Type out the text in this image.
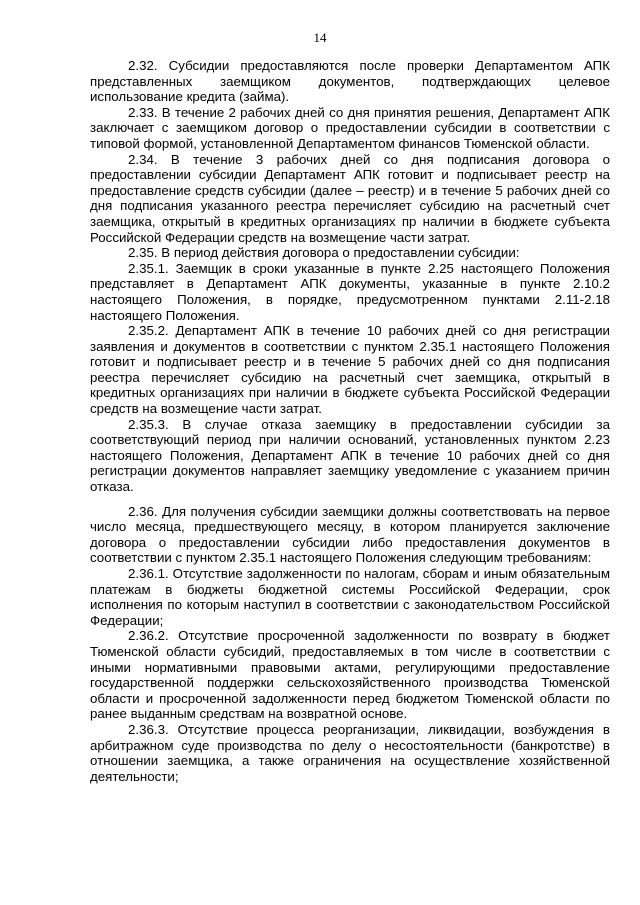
14

2.32. Субсидии предоставляются после проверки Департаментом АПК представленных заемщиком документов, подтверждающих целевое использование кредита (займа).

2.33. В течение 2 рабочих дней со дня принятия решения, Департамент АПК заключает с заемщиком договор о предоставлении субсидии в соответствии с типовой формой, установленной Департаментом финансов Тюменской области.

2.34. В течение 3 рабочих дней со дня подписания договора о предоставлении субсидии Департамент АПК готовит и подписывает реестр на предоставление средств субсидии (далее – реестр) и в течение 5 рабочих дней со дня подписания указанного реестра перечисляет субсидию на расчетный счет заемщика, открытый в кредитных организациях пр наличии в бюджете субъекта Российской Федерации средств на возмещение части затрат.

2.35. В период действия договора о предоставлении субсидии:

2.35.1. Заемщик в сроки указанные в пункте 2.25 настоящего Положения представляет в Департамент АПК документы, указанные в пункте 2.10.2 настоящего Положения, в порядке, предусмотренном пунктами 2.11-2.18 настоящего Положения.

2.35.2. Департамент АПК в течение 10 рабочих дней со дня регистрации заявления и документов в соответствии с пунктом 2.35.1 настоящего Положения готовит и подписывает реестр и в течение 5 рабочих дней со дня подписания реестра перечисляет субсидию на расчетный счет заемщика, открытый в кредитных организациях при наличии в бюджете субъекта Российской Федерации средств на возмещение части затрат.

2.35.3. В случае отказа заемщику в предоставлении субсидии за соответствующий период при наличии оснований, установленных пунктом 2.23 настоящего Положения, Департамент АПК в течение 10 рабочих дней со дня регистрации документов направляет заемщику уведомление с указанием причин отказа.

2.36. Для получения субсидии заемщики должны соответствовать на первое число месяца, предшествующего месяцу, в котором планируется заключение договора о предоставлении субсидии либо предоставления документов в соответствии с пунктом 2.35.1 настоящего Положения следующим требованиям:

2.36.1. Отсутствие задолженности по налогам, сборам и иным обязательным платежам в бюджеты бюджетной системы Российской Федерации, срок исполнения по которым наступил в соответствии с законодательством Российской Федерации;

2.36.2. Отсутствие просроченной задолженности по возврату в бюджет Тюменской области субсидий, предоставляемых в том числе в соответствии с иными нормативными правовыми актами, регулирующими предоставление государственной поддержки сельскохозяйственного производства Тюменской области и просроченной задолженности перед бюджетом Тюменской области по ранее выданным средствам на возвратной основе.

2.36.3. Отсутствие процесса реорганизации, ликвидации, возбуждения в арбитражном суде производства по делу о несостоятельности (банкротстве) в отношении заемщика, а также ограничения на осуществление хозяйственной деятельности;
